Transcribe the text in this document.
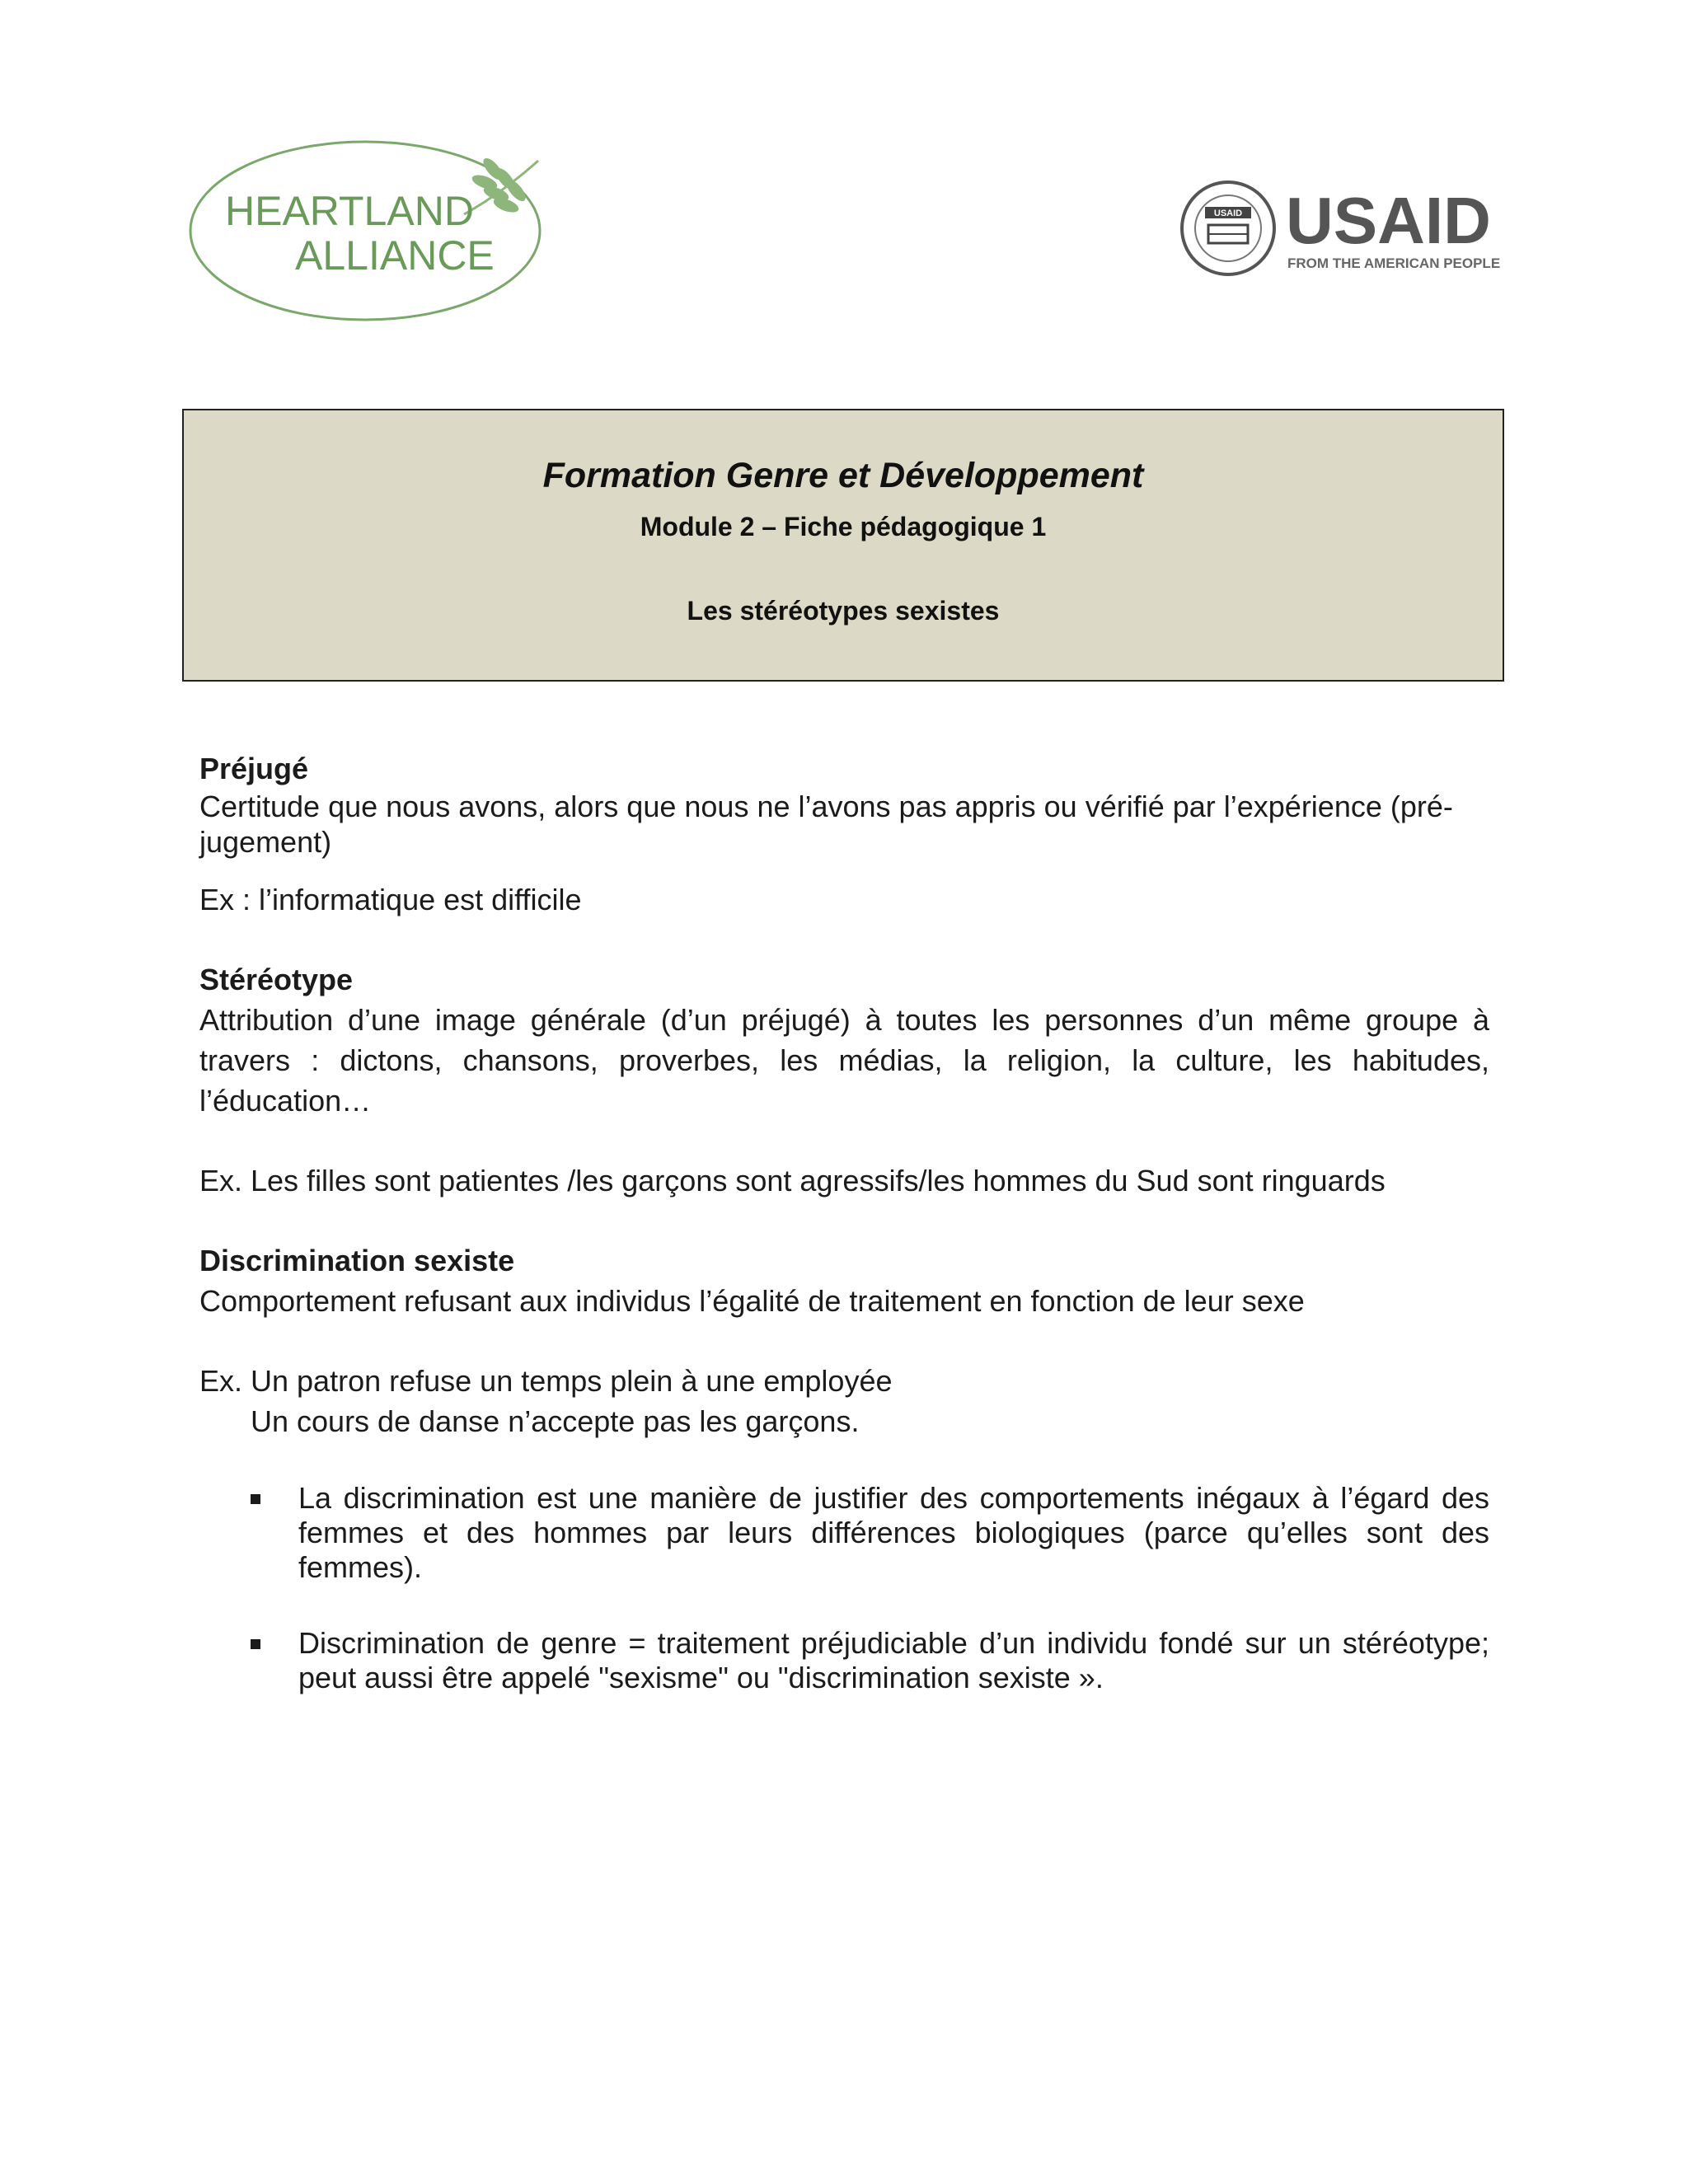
HEARTLAND
ALLIANCE
USAID USAID
FROM THE AMERICAN PEOPLE
Formation Genre et Développement
Module 2 – Fiche pédagogique 1
Les stéréotypes sexistes

Préjugé

Certitude que nous avons, alors que nous ne l’avons pas appris ou vérifié par l’expérience (pré-jugement)

Ex : l’informatique est difficile

Stéréotype

Attribution d’une image générale (d’un préjugé) à toutes les personnes d’un même groupe à travers : dictons, chansons, proverbes, les médias, la religion, la culture, les habitudes, l’éducation…

Ex. Les filles sont patientes /les garçons sont agressifs/les hommes du Sud sont ringuards

Discrimination sexiste

Comportement refusant aux individus l’égalité de traitement en fonction de leur sexe

Ex. Un patron refuse un temps plein à une employée

Un cours de danse n’accepte pas les garçons.

La discrimination est une manière de justifier des comportements inégaux à l’égard des femmes et des hommes par leurs différences biologiques (parce qu’elles sont des femmes).
Discrimination de genre = traitement préjudiciable d’un individu fondé sur un stéréotype; peut aussi être appelé "sexisme" ou "discrimination sexiste ».
